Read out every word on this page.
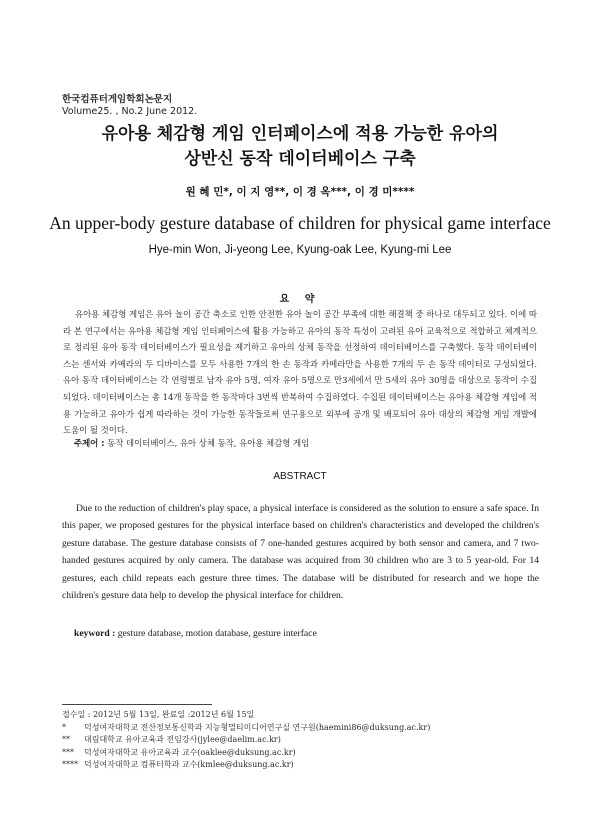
한국컴퓨터게임학회논문지
Volume25. , No.2 June 2012.
유아용 체감형 게임 인터페이스에 적용 가능한 유아의
상반신 동작 데이터베이스 구축
원 혜 민*, 이 지 영**, 이 경 옥***, 이 경 미****
An upper-body gesture database of children for physical game interface
Hye-min Won, Ji-yeong Lee, Kyung-oak Lee, Kyung-mi Lee
요 약

유아용 체감형 게임은 유아 놀이 공간 축소로 인한 안전한 유아 놀이 공간 부족에 대한 해결책 중 하나로 대두되고 있다. 이에 따라 본 연구에서는 유아용 체감형 게임 인터페이스에 활용 가능하고 유아의 동작 특성이 고려된 유아 교육적으로 적합하고 체계적으로 정리된 유아 동작 데이터베이스가 필요성을 제기하고 유아의 상체 동작을 선정하여 데이터베이스를 구축했다. 동작 데이터베이스는 센서와 카메라의 두 디바이스를 모두 사용한 7개의 한 손 동작과 카메라만을 사용한 7개의 두 손 동작 데이터로 구성되었다. 유아 동작 데이터베이스는 각 연령별로 남자 유아 5명, 여자 유아 5명으로 만3세에서 만 5세의 유아 30명을 대상으로 동작이 수집되었다. 데이터베이스는 총 14개 동작을 한 동작마다 3번씩 반복하여 수집하였다. 수집된 데이터베이스는 유아용 체감형 게임에 적용 가능하고 유아가 쉽게 따라하는 것이 가능한 동작들로써 연구용으로 외부에 공개 및 배포되어 유아 대상의 체감형 게임 개발에 도움이 될 것이다.

주제어 : 동작 데이터베이스, 유아 상체 동작, 유아용 체감형 게임
ABSTRACT

Due to the reduction of children's play space, a physical interface is considered as the solution to ensure a safe space. In this paper, we proposed gestures for the physical interface based on children's characteristics and developed the children's gesture database. The gesture database consists of 7 one-handed gestures acquired by both sensor and camera, and 7 two-handed gestures acquired by only camera. The database was acquired from 30 children who are 3 to 5 year-old. For 14 gestures, each child repeats each gesture three times. The database will be distributed for research and we hope the children's gesture data help to develop the physical interface for children.

keyword : gesture database, motion database, gesture interface
접수일 : 2012년 5월 13일, 완료일 :2012년 6월 15일
* 덕성여자대학교 전산정보통신학과 지능형멀티미디어연구실 연구원(haemini86@duksung.ac.kr)
** 대림대학교 유아교육과 전임강사(jylee@daelim.ac.kr)
*** 덕성여자대학교 유아교육과 교수(oaklee@duksung.ac.kr)
**** 덕성여자대학교 컴퓨터학과 교수(kmlee@duksung.ac.kr)
